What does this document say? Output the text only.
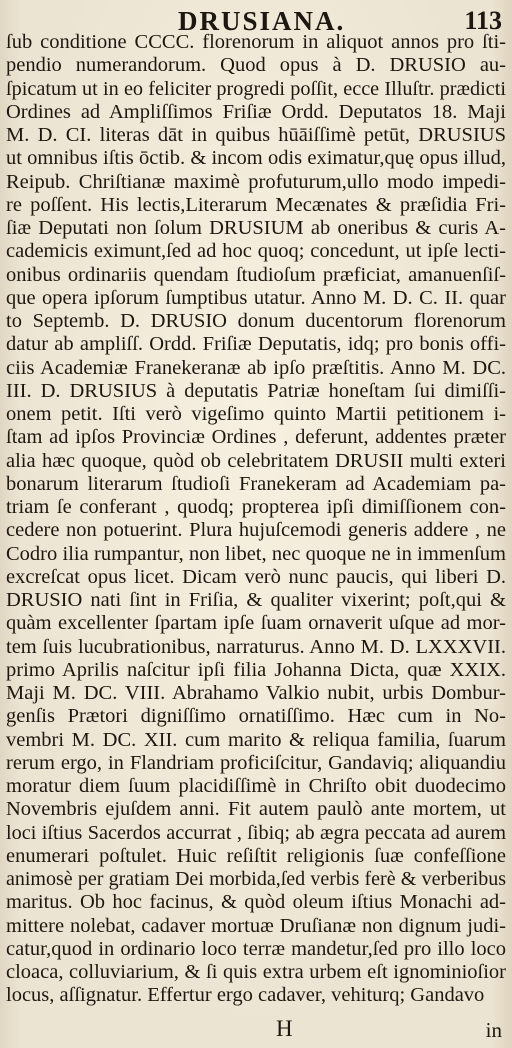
DRUSIANA.	113
ſub conditione CCCC. florenorum in aliquot annos pro ſti-
pendio numerandorum. Quod opus à D. DRUSIO au-
ſpicatum ut in eo feliciter progredi poſſit, ecce Illuſtr. prædicti
Ordines ad Ampliſſimos Friſiæ Ordd. Deputatos 18. Maji
M. D. CI. literas dāt in quibus hūāiſſimè petūt, DRUSIUS
ut omnibus iſtis ōctib. & incom odis eximatur,quę opus illud,
Reipub. Chriſtianæ maximè profuturum,ullo modo impedi-
re poſſent. His lectis,Literarum Mecænates & præſidia Fri-
ſiæ Deputati non ſolum DRUSIUM ab oneribus & curis A-
cademicis eximunt,ſed ad hoc quoq; concedunt, ut ipſe lecti-
onibus ordinariis quendam ſtudioſum præficiat, amanuenſiſ-
que opera ipſorum ſumptibus utatur. Anno M. D. C. II. quar
to Septemb. D. DRUSIO donum ducentorum florenorum
datur ab ampliſſ. Ordd. Friſiæ Deputatis, idq; pro bonis offi-
ciis Academiæ Franekeranæ ab ipſo præſtitis. Anno M. DC.
III. D. DRUSIUS à deputatis Patriæ honeſtam ſui dimiſſi-
onem petit. Iſti verò vigeſimo quinto Martii petitionem i-
ſtam ad ipſos Provinciæ Ordines , deferunt, addentes præter
alia hæc quoque, quòd ob celebritatem DRUSII multi exteri
bonarum literarum ſtudioſi Franekeram ad Academiam pa-
triam ſe conferant , quodq; propterea ipſi dimiſſionem con-
cedere non potuerint. Plura hujuſcemodi generis addere , ne
Codro ilia rumpantur, non libet, nec quoque ne in immenſum
excreſcat opus licet. Dicam verò nunc paucis, qui liberi D.
DRUSIO nati ſint in Friſia, & qualiter vixerint; poſt,qui &
quàm excellenter ſpartam ipſe ſuam ornaverit uſque ad mor-
tem ſuis lucubrationibus, narraturus. Anno M. D. LXXXVII.
primo Aprilis naſcitur ipſi filia Johanna Dicta, quæ XXIX.
Maji M. DC. VIII. Abrahamo Valkio nubit, urbis Dombur-
genſis Prætori digniſſimo ornatiſſimo. Hæc cum in No-
vembri M. DC. XII. cum marito & reliqua familia, ſuarum
rerum ergo, in Flandriam proficiſcitur, Gandaviq; aliquandiu
moratur diem ſuum placidiſſimè in Chriſto obit duodecimo
Novembris ejuſdem anni. Fit autem paulò ante mortem, ut
loci iſtius Sacerdos accurrat , ſibiq; ab ægra peccata ad aurem
enumerari poſtulet. Huic reſiſtit religionis ſuæ confeſſione
animosè per gratiam Dei morbida,ſed verbis ferè & verberibus
maritus. Ob hoc facinus, & quòd oleum iſtius Monachi ad-
mittere nolebat, cadaver mortuæ Druſianæ non dignum judi-
catur,quod in ordinario loco terræ mandetur,ſed pro illo loco
cloaca, colluviarium, & ſi quis extra urbem eſt ignominioſior
locus, aſſignatur. Effertur ergo cadaver, vehiturq; Gandavo
H	in
